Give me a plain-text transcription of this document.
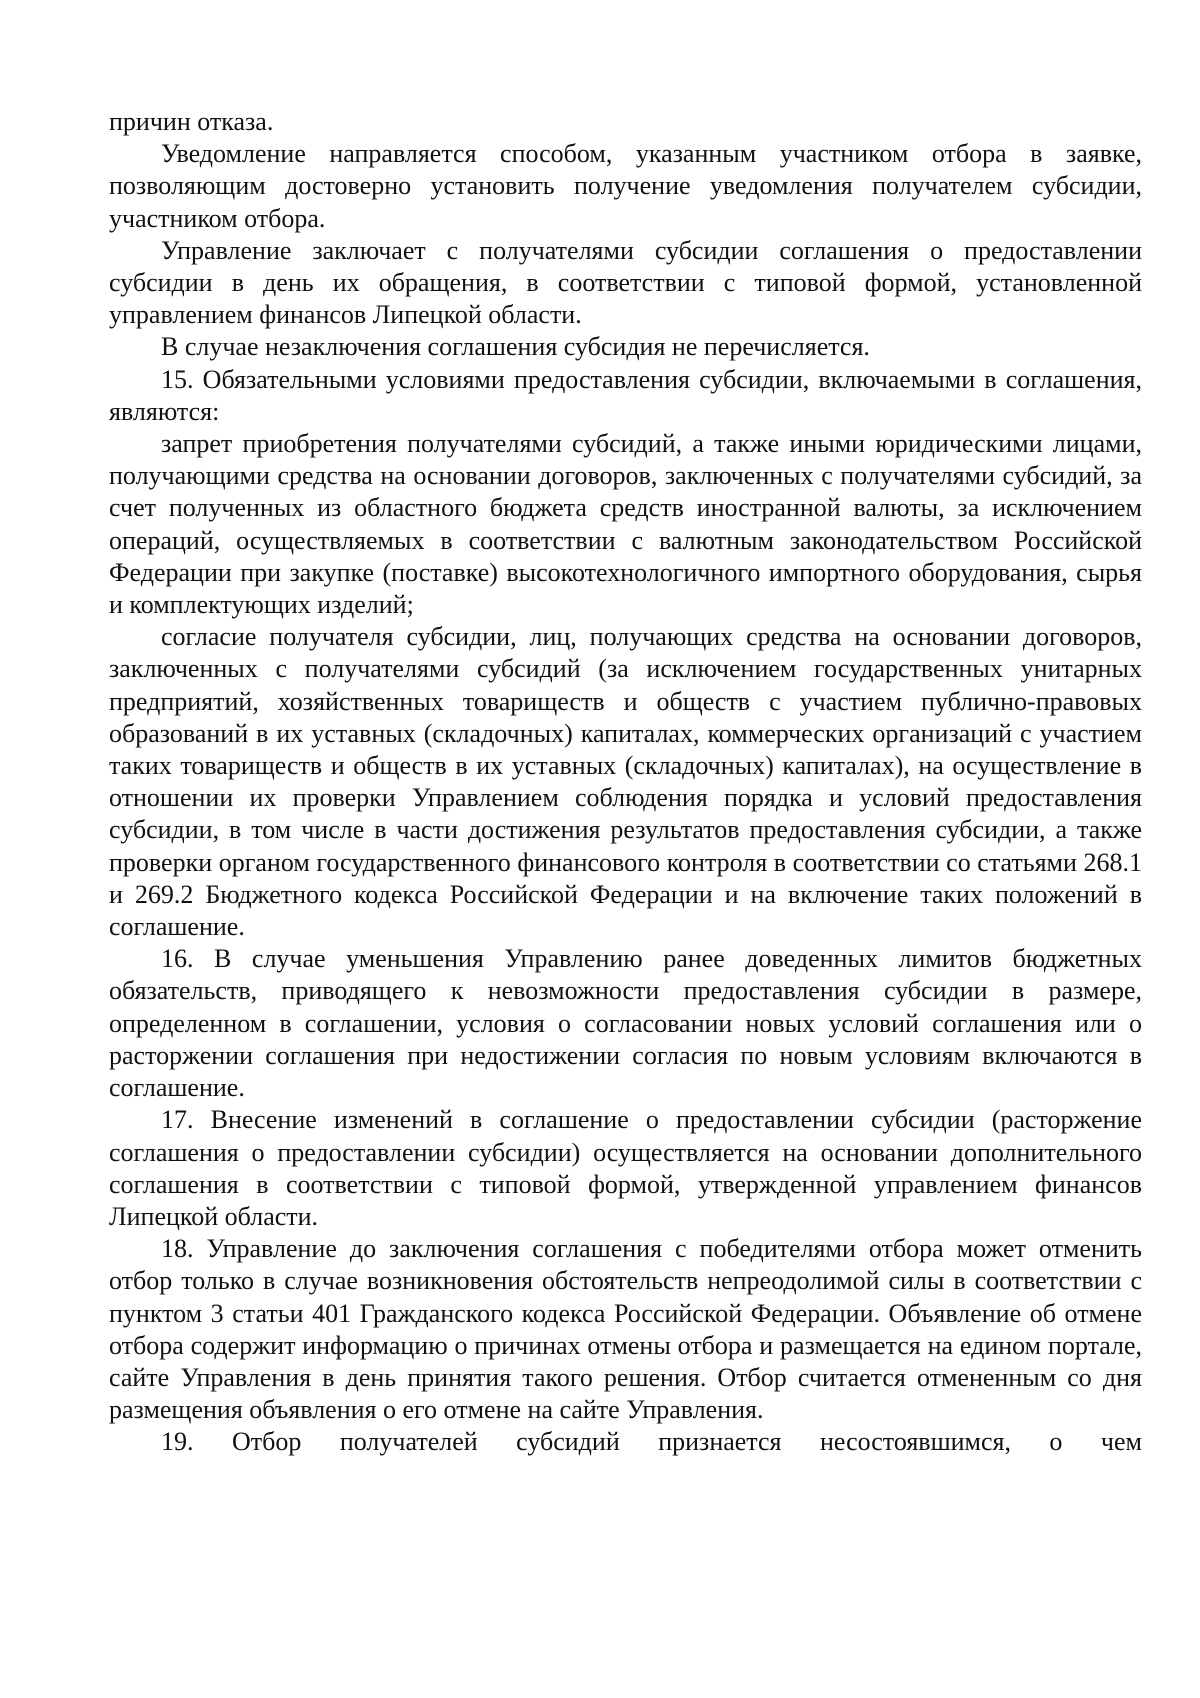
причин отказа.

Уведомление направляется способом, указанным участником отбора в заявке, позволяющим достоверно установить получение уведомления получателем субсидии, участником отбора.

Управление заключает с получателями субсидии соглашения о предоставлении субсидии в день их обращения, в соответствии с типовой формой, установленной управлением финансов Липецкой области.

В случае незаключения соглашения субсидия не перечисляется.

15. Обязательными условиями предоставления субсидии, включаемыми в соглашения, являются:

запрет приобретения получателями субсидий, а также иными юридическими лицами, получающими средства на основании договоров, заключенных с получателями субсидий, за счет полученных из областного бюджета средств иностранной валюты, за исключением операций, осуществляемых в соответствии с валютным законодательством Российской Федерации при закупке (поставке) высокотехнологичного импортного оборудования, сырья и комплектующих изделий;

согласие получателя субсидии, лиц, получающих средства на основании договоров, заключенных с получателями субсидий (за исключением государственных унитарных предприятий, хозяйственных товариществ и обществ с участием публично-правовых образований в их уставных (складочных) капиталах, коммерческих организаций с участием таких товариществ и обществ в их уставных (складочных) капиталах), на осуществление в отношении их проверки Управлением соблюдения порядка и условий предоставления субсидии, в том числе в части достижения результатов предоставления субсидии, а также проверки органом государственного финансового контроля в соответствии со статьями 268.1 и 269.2 Бюджетного кодекса Российской Федерации и на включение таких положений в соглашение.

16. В случае уменьшения Управлению ранее доведенных лимитов бюджетных обязательств, приводящего к невозможности предоставления субсидии в размере, определенном в соглашении, условия о согласовании новых условий соглашения или о расторжении соглашения при недостижении согласия по новым условиям включаются в соглашение.

17. Внесение изменений в соглашение о предоставлении субсидии (расторжение соглашения о предоставлении субсидии) осуществляется на основании дополнительного соглашения в соответствии с типовой формой, утвержденной управлением финансов Липецкой области.

18. Управление до заключения соглашения с победителями отбора может отменить отбор только в случае возникновения обстоятельств непреодолимой силы в соответствии с пунктом 3 статьи 401 Гражданского кодекса Российской Федерации. Объявление об отмене отбора содержит информацию о причинах отмены отбора и размещается на едином портале, сайте Управления в день принятия такого решения. Отбор считается отмененным со дня размещения объявления о его отмене на сайте Управления.

19. Отбор получателей субсидий признается несостоявшимся, о чем
